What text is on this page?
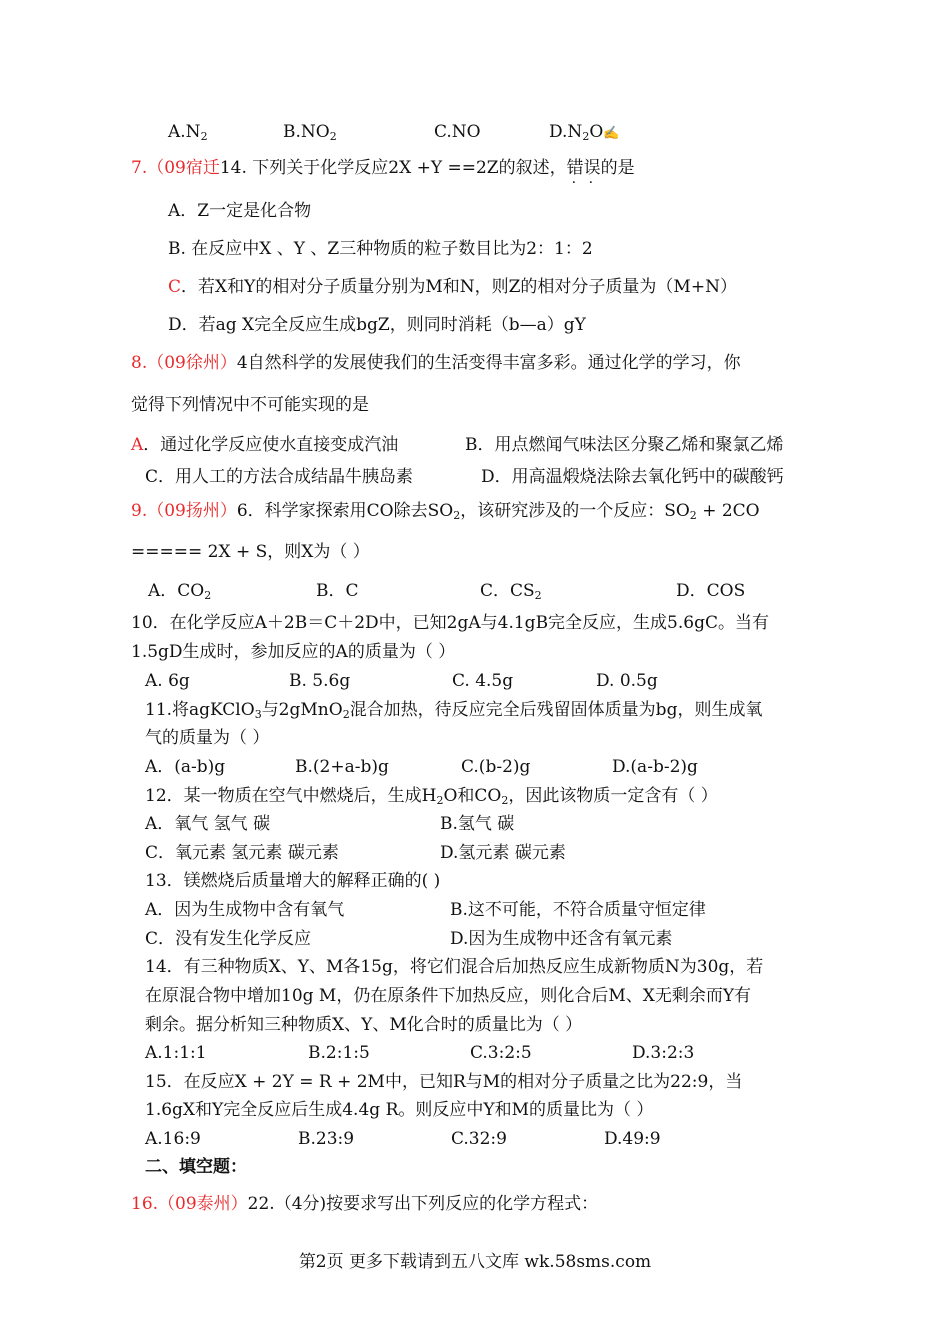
$A.N_2$	$B.NO_2$	C.NO	$D.N_2O✍$
7.（09宿迁14. 下列关于化学反应2X +Y ==2Z的叙述，错误的是
A．Z一定是化合物
B. 在反应中X 、Y 、Z三种物质的粒子数目比为2：1：2
C．若X和Y的相对分子质量分别为M和N，则Z的相对分子质量为（M+N）
D．若ag X完全反应生成bgZ，则同时消耗（b—a）gY
8.（09徐州）4自然科学的发展使我们的生活变得丰富多彩。通过化学的学习，你
觉得下列情况中不可能实现的是
A．通过化学反应使水直接变成汽油	B．用点燃闻气味法区分聚乙烯和聚氯乙烯
C．用人工的方法合成结晶牛胰岛素	D．用高温煅烧法除去氧化钙中的碳酸钙
9.（09扬州）6．科学家探索用CO除去$SO_2$，该研究涉及的一个反应：$SO_2 + 2CO$
===== 2X + S，则X为（ ）
A．$CO_2$	B．C	C．$CS_2$	D．COS
10．在化学反应A＋2B＝C＋2D中，已知2gA与4.1gB完全反应，生成5.6gC。当有
1.5gD生成时，参加反应的A的质量为（ ）
A. 6g	B. 5.6g	C. 4.5g	D. 0.5g
11.将agKClO$_3$与2gMnO$_2$混合加热，待反应完全后残留固体质量为bg，则生成氧
气的质量为（ ）
A．(a-b)g	B.(2+a-b)g	C.(b-2)g	D.(a-b-2)g
12．某一物质在空气中燃烧后，生成$H_2O$和$CO_2$，因此该物质一定含有（ ）
A．氧气 氢气 碳	B.氢气 碳
C．氧元素 氢元素 碳元素	D.氢元素 碳元素
13．镁燃烧后质量增大的解释正确的( )
A．因为生成物中含有氧气	B.这不可能，不符合质量守恒定律
C．没有发生化学反应	D.因为生成物中还含有氧元素
14．有三种物质X、Y、M各15g，将它们混合后加热反应生成新物质N为30g，若
在原混合物中增加10g M，仍在原条件下加热反应，则化合后M、X无剩余而Y有
剩余。据分析知三种物质X、Y、M化合时的质量比为（ ）
A.1:1:1	B.2:1:5	C.3:2:5	D.3:2:3
15．在反应X + 2Y = R + 2M中，已知R与M的相对分子质量之比为22:9，当
1.6gX和Y完全反应后生成4.4g R。则反应中Y和M的质量比为（ ）
A.16:9	B.23:9	C.32:9	D.49:9
二、填空题：
16.（09泰州）22.（4分)按要求写出下列反应的化学方程式：
第2页 更多下载请到五八文库 wk.58sms.com
